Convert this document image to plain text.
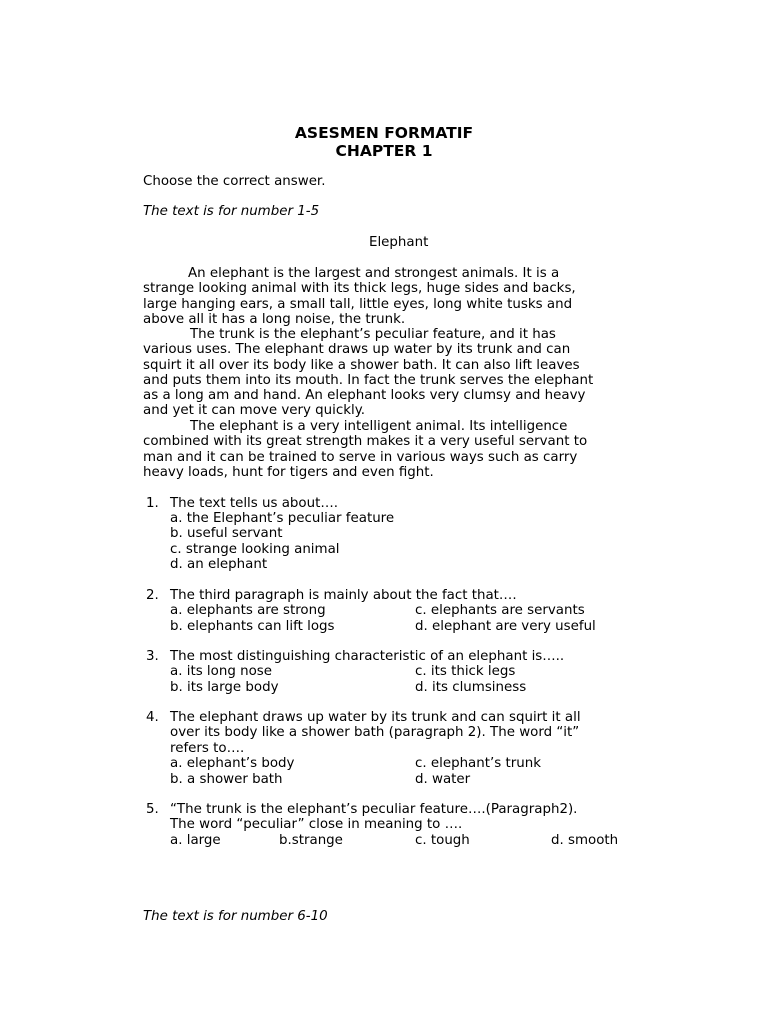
ASESMEN FORMATIF
CHAPTER 1
Choose the correct answer.
The text is for number 1-5
Elephant
An elephant is the largest and strongest animals. It is a
strange looking animal with its thick legs, huge sides and backs,
large hanging ears, a small tall, little eyes, long white tusks and
above all it has a long noise, the trunk.
The trunk is the elephant’s peculiar feature, and it has
various uses. The elephant draws up water by its trunk and can
squirt it all over its body like a shower bath. It can also lift leaves
and puts them into its mouth. In fact the trunk serves the elephant
as a long am and hand. An elephant looks very clumsy and heavy
and yet it can move very quickly.
The elephant is a very intelligent animal. Its intelligence
combined with its great strength makes it a very useful servant to
man and it can be trained to serve in various ways such as carry
heavy loads, hunt for tigers and even fight.
1. The text tells us about….
a. the Elephant’s peculiar feature
b. useful servant
c. strange looking animal
d. an elephant
2. The third paragraph is mainly about the fact that….
a. elephants are strong	c. elephants are servants
b. elephants can lift logs	d. elephant are very useful
3. The most distinguishing characteristic of an elephant is…..
a. its long nose	c. its thick legs
b. its large body	d. its clumsiness
4. The elephant draws up water by its trunk and can squirt it all
over its body like a shower bath (paragraph 2). The word “it”
refers to….
a. elephant’s body	c. elephant’s trunk
b. a shower bath	d. water
5. “The trunk is the elephant’s peculiar feature….(Paragraph2).
The word “peculiar” close in meaning to ….
a. large	b.strange	c. tough	d. smooth
The text is for number 6-10
